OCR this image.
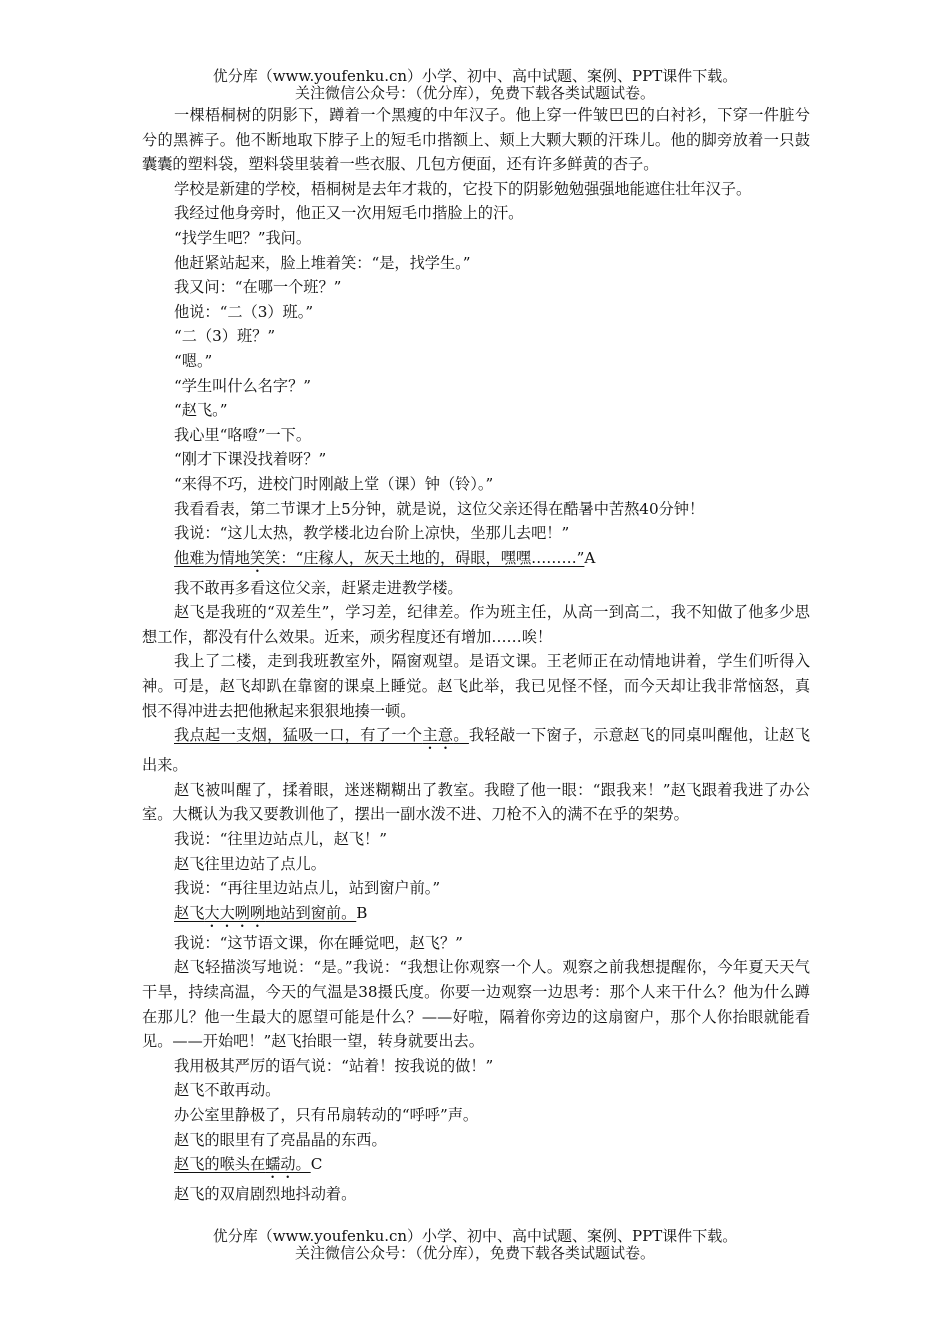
优分库（www.youfenku.cn）小学、初中、高中试题、案例、PPT课件下载。
关注微信公众号：（优分库），免费下载各类试题试卷。

一棵梧桐树的阴影下，蹲着一个黑瘦的中年汉子。他上穿一件皱巴巴的白衬衫，下穿一件脏兮兮的黑裤子。他不断地取下脖子上的短毛巾揩额上、颊上大颗大颗的汗珠儿。他的脚旁放着一只鼓囊囊的塑料袋，塑料袋里装着一些衣服、几包方便面，还有许多鲜黄的杏子。

学校是新建的学校，梧桐树是去年才栽的，它投下的阴影勉勉强强地能遮住壮年汉子。

我经过他身旁时，他正又一次用短毛巾揩脸上的汗。

“找学生吧？”我问。

他赶紧站起来，脸上堆着笑：“是，找学生。”

我又问：“在哪一个班？”

他说：“二（3）班。”

“二（3）班？”

“嗯。”

“学生叫什么名字？”

“赵飞。”

我心里“咯噔”一下。

“刚才下课没找着呀？”

“来得不巧，进校门时刚敲上堂（课）钟（铃）。”

我看看表，第二节课才上5分钟，就是说，这位父亲还得在酷暑中苦熬40分钟！

我说：“这儿太热，教学楼北边台阶上凉快，坐那儿去吧！”

他难为情地笑笑：“庄稼人，灰天土地的，碍眼，嘿嘿………”A

我不敢再多看这位父亲，赶紧走进教学楼。

赵飞是我班的“双差生”，学习差，纪律差。作为班主任，从高一到高二，我不知做了他多少思想工作，都没有什么效果。近来，顽劣程度还有增加……唉！

我上了二楼，走到我班教室外，隔窗观望。是语文课。王老师正在动情地讲着，学生们听得入神。可是，赵飞却趴在靠窗的课桌上睡觉。赵飞此举，我已见怪不怪，而今天却让我非常恼怒，真恨不得冲进去把他揪起来狠狠地揍一顿。

我点起一支烟，猛吸一口，有了一个主意。我轻敲一下窗子，示意赵飞的同桌叫醒他，让赵飞出来。

赵飞被叫醒了，揉着眼，迷迷糊糊出了教室。我瞪了他一眼：“跟我来！”赵飞跟着我进了办公室。大概认为我又要教训他了，摆出一副水泼不进、刀枪不入的满不在乎的架势。

我说：“往里边站点儿，赵飞！”

赵飞往里边站了点儿。

我说：“再往里边站点儿，站到窗户前。”

赵飞大大咧咧地站到窗前。B

我说：“这节语文课，你在睡觉吧，赵飞？”

赵飞轻描淡写地说：“是。”我说：“我想让你观察一个人。观察之前我想提醒你，今年夏天天气干旱，持续高温，今天的气温是38摄氏度。你要一边观察一边思考：那个人来干什么？他为什么蹲在那儿？他一生最大的愿望可能是什么？——好啦，隔着你旁边的这扇窗户，那个人你抬眼就能看见。——开始吧！”赵飞抬眼一望，转身就要出去。

我用极其严厉的语气说：“站着！按我说的做！”

赵飞不敢再动。

办公室里静极了，只有吊扇转动的“呼呼”声。

赵飞的眼里有了亮晶晶的东西。

赵飞的喉头在蠕动。C

赵飞的双肩剧烈地抖动着。

优分库（www.youfenku.cn）小学、初中、高中试题、案例、PPT课件下载。
关注微信公众号：（优分库），免费下载各类试题试卷。
